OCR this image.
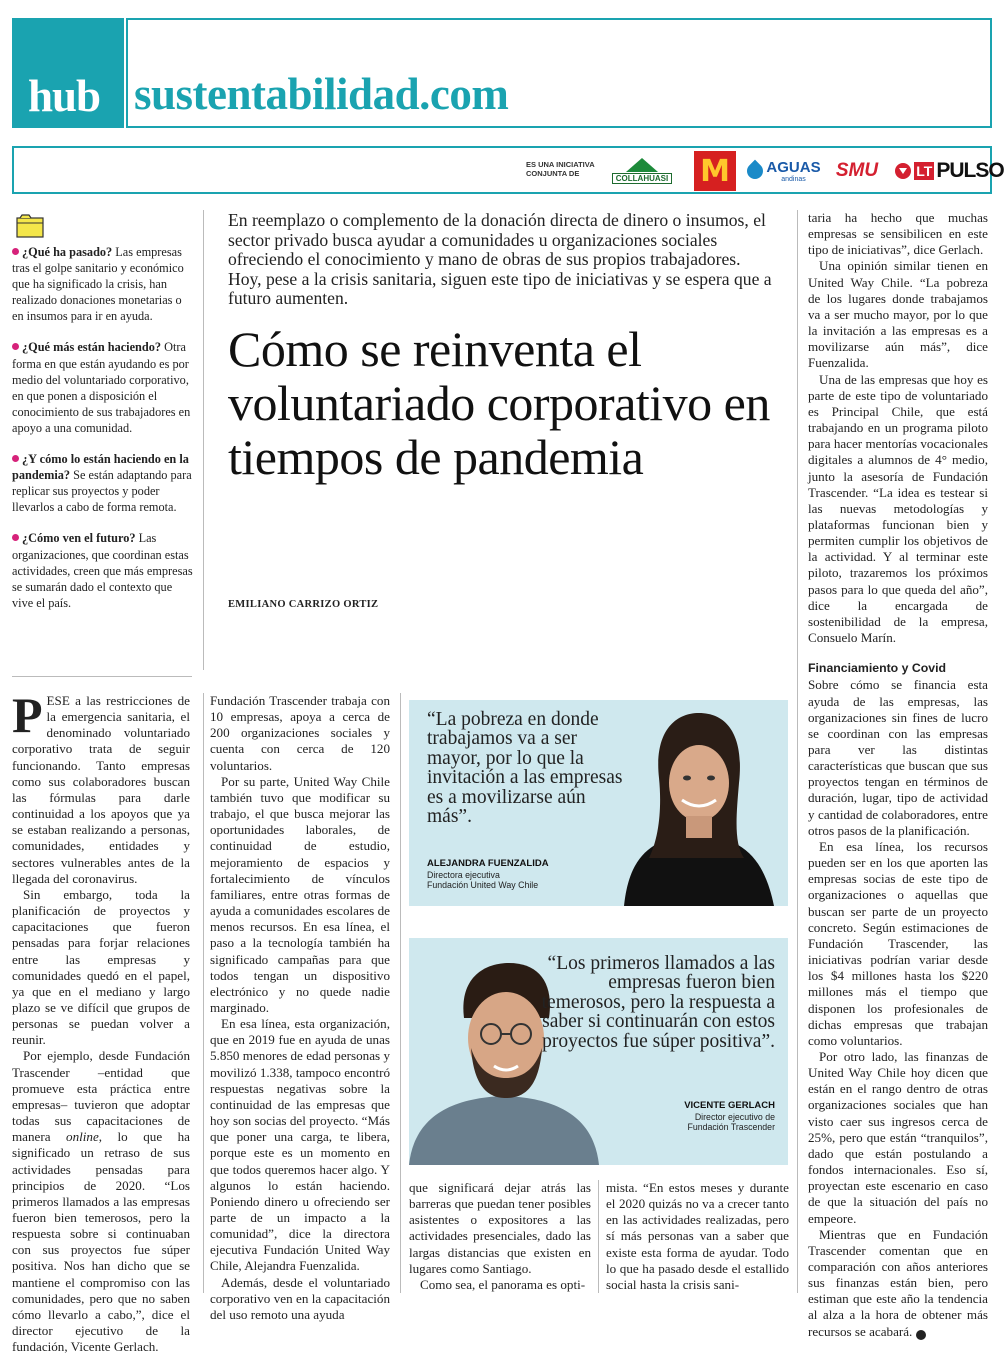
hub sustentabilidad.com
ES UNA INICIATIVA CONJUNTA DE
COLLAHUASI M AGUAS
andinas	SMU	LT PULSO

¿Qué ha pasado? Las empresas tras el golpe sanitario y económico que ha significado la crisis, han realizado donaciones monetarias o en insumos para ir en ayuda.

¿Qué más están haciendo? Otra forma en que están ayudando es por medio del voluntariado corporativo, en que ponen a disposición el conocimiento de sus trabajadores en apoyo a una comunidad.

¿Y cómo lo están haciendo en la pandemia? Se están adaptando para replicar sus proyectos y poder llevarlos a cabo de forma remota.

¿Cómo ven el futuro? Las organizaciones, que coordinan estas actividades, creen que más empresas se sumarán dado el contexto que vive el país.

En reemplazo o complemento de la donación directa de dinero o insumos, el sector privado busca ayudar a comunidades u organizaciones sociales ofreciendo el conocimiento y mano de obras de sus propios trabajadores. Hoy, pese a la crisis sanitaria, siguen este tipo de iniciativas y se espera que a futuro aumenten.
Cómo se reinventa el voluntariado corporativo en tiempos de pandemia
EMILIANO CARRIZO ORTIZ

PESE a las restricciones de la emergencia sanitaria, el denominado voluntariado corporativo trata de seguir funcionando. Tanto empresas como sus colaboradores buscan las fórmulas para darle continuidad a los apoyos que ya se estaban realizando a personas, comunidades, entidades y sectores vulnerables antes de la llegada del coronavirus.

Sin embargo, toda la planificación de proyectos y capacitaciones que fueron pensadas para forjar relaciones entre las empresas y comunidades quedó en el papel, ya que en el mediano y largo plazo se ve difícil que grupos de personas se puedan volver a reunir.

Por ejemplo, desde Fundación Trascender –entidad que promueve esta práctica entre empresas– tuvieron que adoptar todas sus capacitaciones de manera online, lo que ha significado un retraso de sus actividades pensadas para principios de 2020. “Los primeros llamados a las empresas fueron bien temerosos, pero la respuesta sobre si continuaban con sus proyectos fue súper positiva. Nos han dicho que se mantiene el compromiso con las comunidades, pero que no saben cómo llevarlo a cabo,”, dice el director ejecutivo de la fundación, Vicente Gerlach.

Fundación Trascender trabaja con 10 empresas, apoya a cerca de 200 organizaciones sociales y cuenta con cerca de 120 voluntarios.

Por su parte, United Way Chile también tuvo que modificar su trabajo, el que busca mejorar las oportunidades laborales, de continuidad de estudio, mejoramiento de espacios y fortalecimiento de vínculos familiares, entre otras formas de ayuda a comunidades escolares de menos recursos. En esa línea, el paso a la tecnología también ha significado campañas para que todos tengan un dispositivo electrónico y no quede nadie marginado.

En esa línea, esta organización, que en 2019 fue en ayuda de unas 5.850 menores de edad personas y movilizó 1.338, tampoco encontró respuestas negativas sobre la continuidad de las empresas que hoy son socias del proyecto. “Más que poner una carga, te libera, porque este es un momento en que todos queremos hacer algo. Y algunos lo están haciendo. Poniendo dinero u ofreciendo ser parte de un impacto a la comunidad”, dice la directora ejecutiva Fundación United Way Chile, Alejandra Fuenzalida.

Además, desde el voluntariado corporativo ven en la capacitación del uso remoto una ayuda

“La pobreza en donde trabajamos va a ser mayor, por lo que la invitación a las empresas es a movilizarse aún más”.
ALEJANDRA FUENZALIDA
Directora ejecutiva
Fundación United Way Chile
“Los primeros llamados a las empresas fueron bien temerosos, pero la respuesta a saber si continuarán con estos proyectos fue súper positiva”.
VICENTE GERLACH
Director ejecutivo de
Fundación Trascender

que significará dejar atrás las barreras que puedan tener posibles asistentes o expositores a las actividades presenciales, dado las largas distancias que existen en lugares como Santiago.

Como sea, el panorama es opti-

mista. “En estos meses y durante el 2020 quizás no va a crecer tanto en las actividades realizadas, pero sí más personas van a saber que existe esta forma de ayudar. Todo lo que ha pasado desde el estallido social hasta la crisis sani-

taria ha hecho que muchas empresas se sensibilicen en este tipo de iniciativas”, dice Gerlach.

Una opinión similar tienen en United Way Chile. “La pobreza de los lugares donde trabajamos va a ser mucho mayor, por lo que la invitación a las empresas es a movilizarse aún más”, dice Fuenzalida.

Una de las empresas que hoy es parte de este tipo de voluntariado es Principal Chile, que está trabajando en un programa piloto para hacer mentorías vocacionales digitales a alumnos de 4° medio, junto la asesoría de Fundación Trascender. “La idea es testear si las nuevas metodologías y plataformas funcionan bien y permiten cumplir los objetivos de la actividad. Y al terminar este piloto, trazaremos los próximos pasos para lo que queda del año”, dice la encargada de sostenibilidad de la empresa, Consuelo Marín.

Financiamiento y Covid

Sobre cómo se financia esta ayuda de las empresas, las organizaciones sin fines de lucro se coordinan con las empresas para ver las distintas características que buscan que sus proyectos tengan en términos de duración, lugar, tipo de actividad y cantidad de colaboradores, entre otros pasos de la planificación.

En esa línea, los recursos pueden ser en los que aporten las empresas socias de este tipo de organizaciones o aquellas que buscan ser parte de un proyecto concreto. Según estimaciones de Fundación Trascender, las iniciativas podrían variar desde los $4 millones hasta los $220 millones más el tiempo que disponen los profesionales de dichas empresas que trabajan como voluntarios.

Por otro lado, las finanzas de United Way Chile hoy dicen que están en el rango dentro de otras organizaciones sociales que han visto caer sus ingresos cerca de 25%, pero que están “tranquilos”, dado que están postulando a fondos internacionales. Eso sí, proyectan este escenario en caso de que la situación del país no empeore.

Mientras que en Fundación Trascender comentan que en comparación con años anteriores sus finanzas están bien, pero estiman que este año la tendencia al alza a la hora de obtener más recursos se acabará. P
